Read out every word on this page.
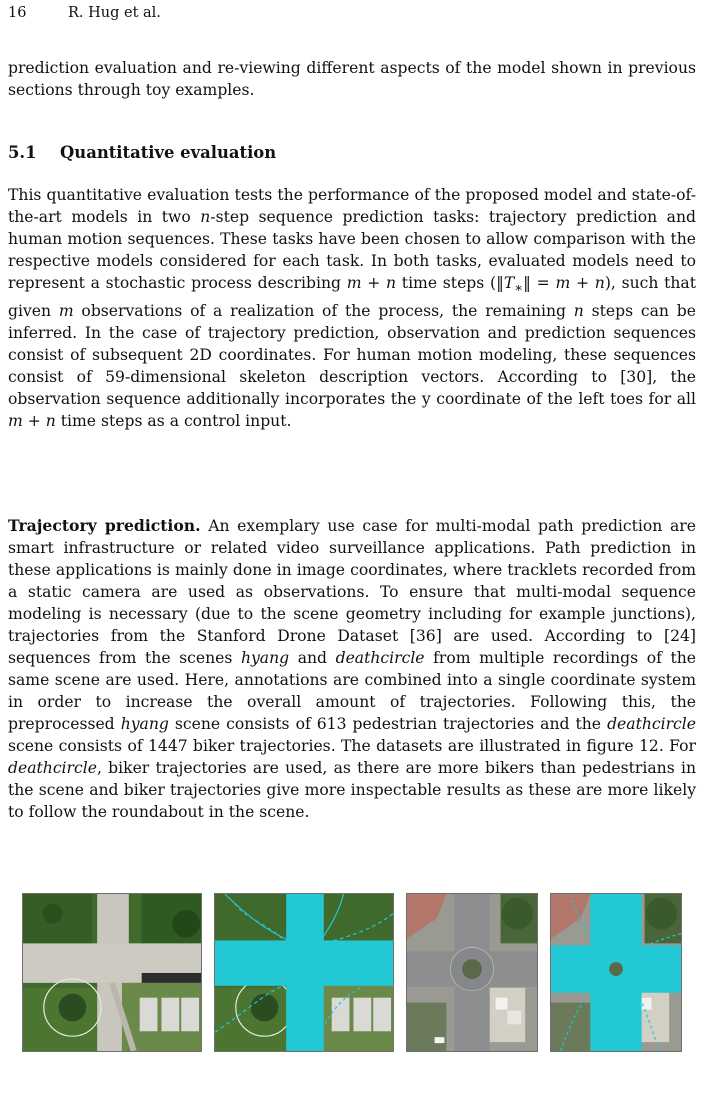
16	R. Hug et al.

prediction evaluation and re-viewing different aspects of the model shown in previous sections through toy examples.

5.1 Quantitative evaluation

This quantitative evaluation tests the performance of the proposed model and state-of-the-art models in two n-step sequence prediction tasks: trajectory prediction and human motion sequences. These tasks have been chosen to allow comparison with the respective models considered for each task. In both tasks, evaluated models need to represent a stochastic process describing m + n time steps $(‖T_∗‖ = m + n)$, such that given m observations of a realization of the process, the remaining n steps can be inferred. In the case of trajectory prediction, observation and prediction sequences consist of subsequent 2D coordinates. For human motion modeling, these sequences consist of 59-dimensional skeleton description vectors. According to [30], the observation sequence additionally incorporates the y coordinate of the left toes for all m + n time steps as a control input.

Trajectory prediction. An exemplary use case for multi-modal path prediction are smart infrastructure or related video surveillance applications. Path prediction in these applications is mainly done in image coordinates, where tracklets recorded from a static camera are used as observations. To ensure that multi-modal sequence modeling is necessary (due to the scene geometry including for example junctions), trajectories from the Stanford Drone Dataset [36] are used. According to [24] sequences from the scenes hyang and deathcircle from multiple recordings of the same scene are used. Here, annotations are combined into a single coordinate system in order to increase the overall amount of trajectories. Following this, the preprocessed hyang scene consists of 613 pedestrian trajectories and the deathcircle scene consists of 1447 biker trajectories. The datasets are illustrated in figure 12. For deathcircle, biker trajectories are used, as there are more bikers than pedestrians in the scene and biker trajectories give more inspectable results as these are more likely to follow the roundabout in the scene.
